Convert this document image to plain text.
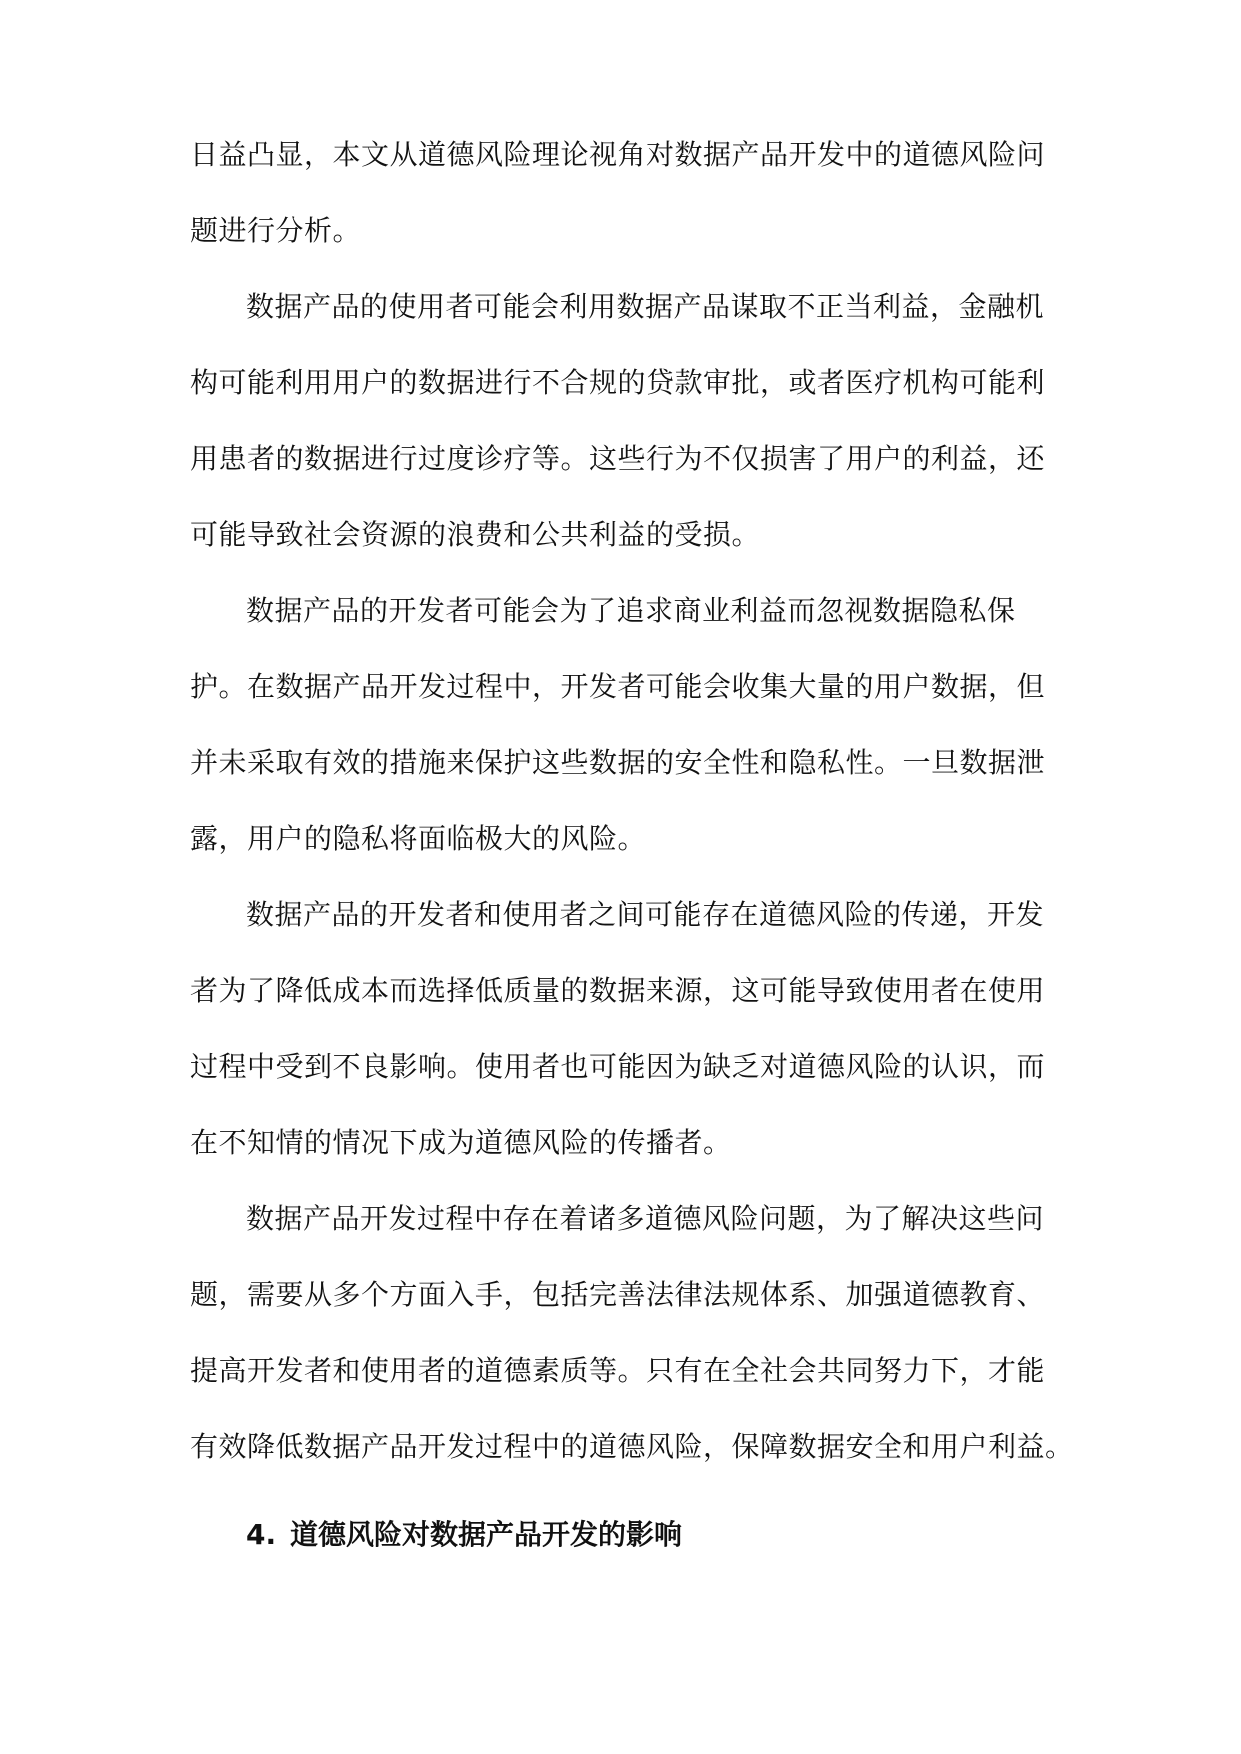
日益凸显，本文从道德风险理论视角对数据产品开发中的道德风险问
题进行分析。
数据产品的使用者可能会利用数据产品谋取不正当利益，金融机
构可能利用用户的数据进行不合规的贷款审批，或者医疗机构可能利
用患者的数据进行过度诊疗等。这些行为不仅损害了用户的利益，还
可能导致社会资源的浪费和公共利益的受损。
数据产品的开发者可能会为了追求商业利益而忽视数据隐私保
护。在数据产品开发过程中，开发者可能会收集大量的用户数据，但
并未采取有效的措施来保护这些数据的安全性和隐私性。一旦数据泄
露，用户的隐私将面临极大的风险。
数据产品的开发者和使用者之间可能存在道德风险的传递，开发
者为了降低成本而选择低质量的数据来源，这可能导致使用者在使用
过程中受到不良影响。使用者也可能因为缺乏对道德风险的认识，而
在不知情的情况下成为道德风险的传播者。
数据产品开发过程中存在着诸多道德风险问题，为了解决这些问
题，需要从多个方面入手，包括完善法律法规体系、加强道德教育、
提高开发者和使用者的道德素质等。只有在全社会共同努力下，才能
有效降低数据产品开发过程中的道德风险，保障数据安全和用户利益。
4. 道德风险对数据产品开发的影响
